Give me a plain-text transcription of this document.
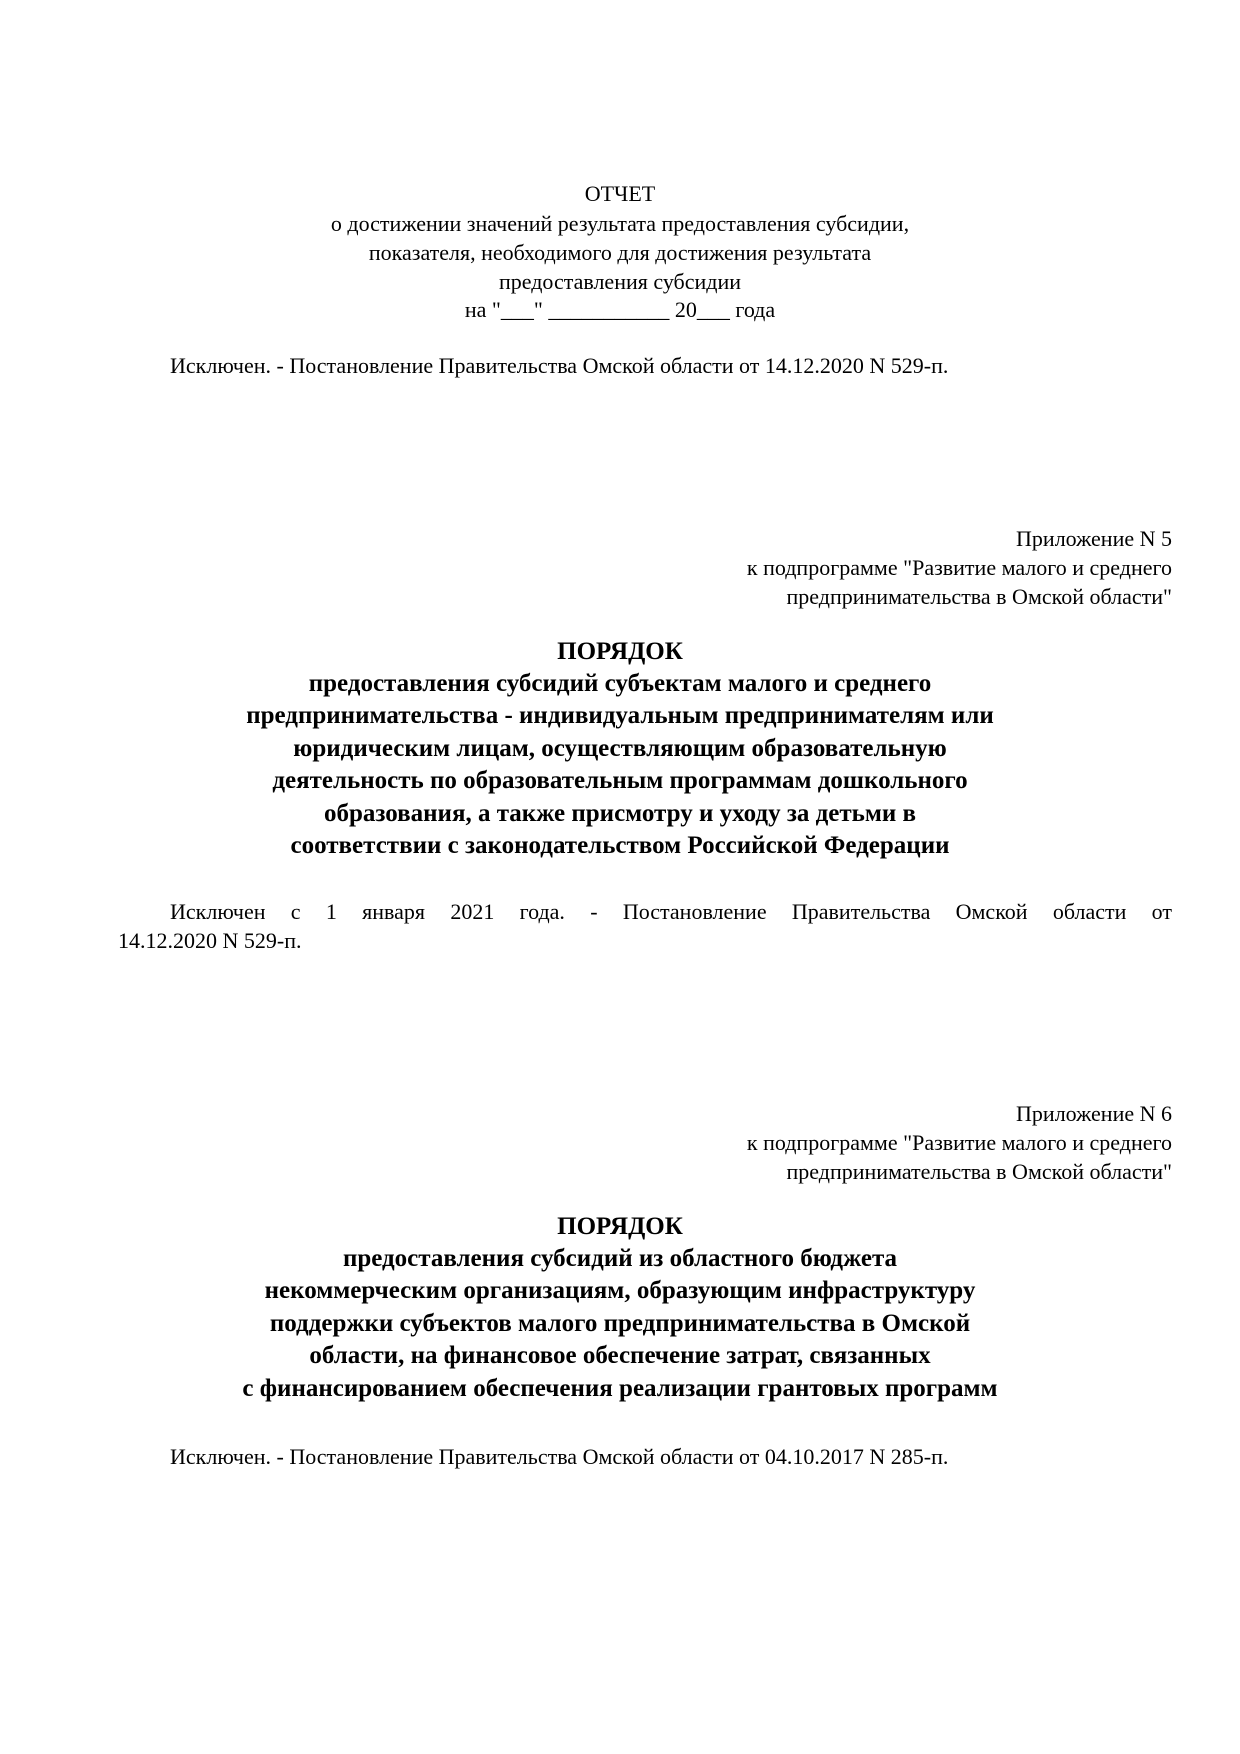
ОТЧЕТ
о достижении значений результата предоставления субсидии,
показателя, необходимого для достижения результата
предоставления субсидии
на "___" ___________ 20___ года
Исключен. - Постановление Правительства Омской области от 14.12.2020 N 529-п.
Приложение N 5
к подпрограмме "Развитие малого и среднего
предпринимательства в Омской области"
ПОРЯДОК
предоставления субсидий субъектам малого и среднего
предпринимательства - индивидуальным предпринимателям или
юридическим лицам, осуществляющим образовательную
деятельность по образовательным программам дошкольного
образования, а также присмотру и уходу за детьми в
соответствии с законодательством Российской Федерации
Исключен с 1 января 2021 года. - Постановление Правительства Омской области от
14.12.2020 N 529-п.
Приложение N 6
к подпрограмме "Развитие малого и среднего
предпринимательства в Омской области"
ПОРЯДОК
предоставления субсидий из областного бюджета
некоммерческим организациям, образующим инфраструктуру
поддержки субъектов малого предпринимательства в Омской
области, на финансовое обеспечение затрат, связанных
с финансированием обеспечения реализации грантовых программ
Исключен. - Постановление Правительства Омской области от 04.10.2017 N 285-п.
